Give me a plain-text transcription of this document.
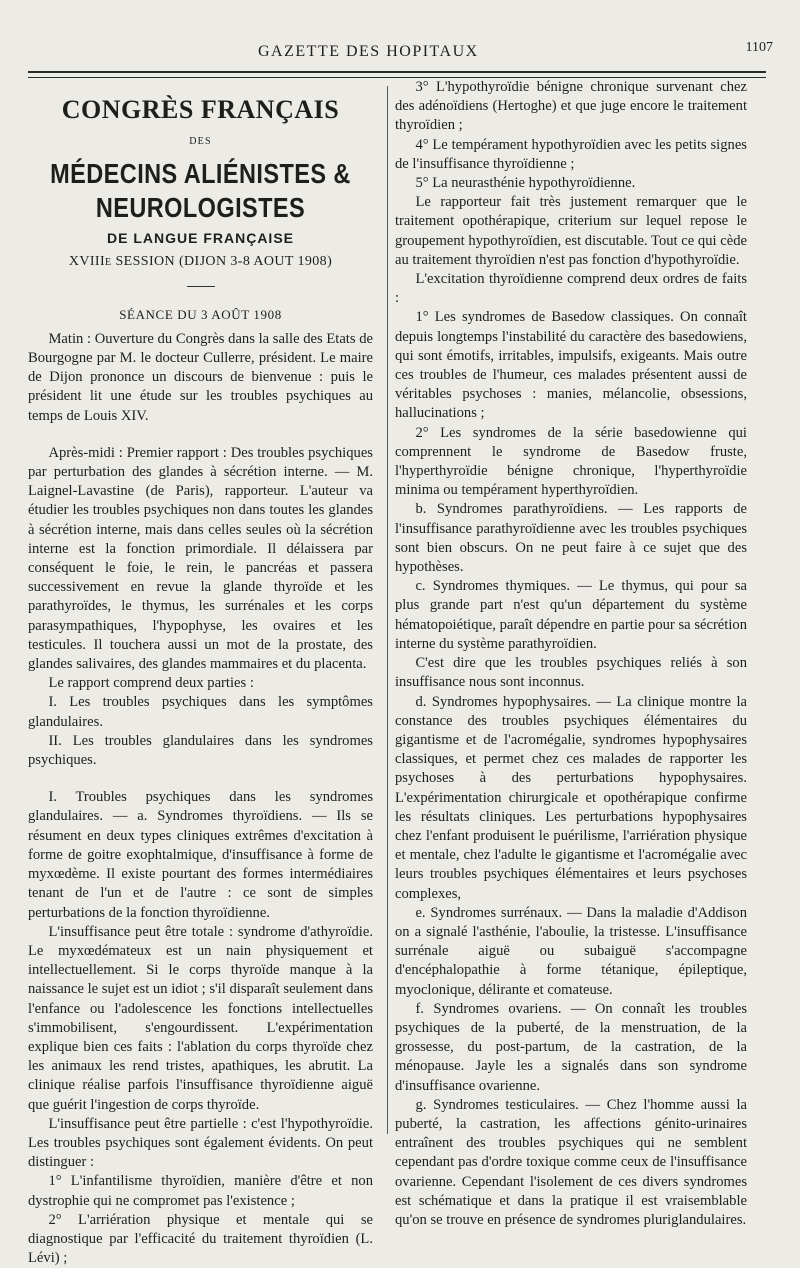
GAZETTE DES HOPITAUX	1107
CONGRÈS FRANÇAIS
DES
MÉDECINS ALIÉNISTES & NEUROLOGISTES
DE LANGUE FRANÇAISE
XVIIIe SESSION (DIJON 3-8 AOUT 1908)
SÉANCE DU 3 AOÛT 1908

Matin : Ouverture du Congrès dans la salle des Etats de Bourgogne par M. le docteur Cullerre, président. Le maire de Dijon prononce un discours de bienvenue : puis le président lit une étude sur les troubles psychiques au temps de Louis XIV.

Après-midi : Premier rapport : Des troubles psychiques par perturbation des glandes à sécrétion interne. — M. Laignel-Lavastine (de Paris), rapporteur. L'auteur va étudier les troubles psychiques non dans toutes les glandes à sécrétion interne, mais dans celles seules où la sécrétion interne est la fonction primordiale. Il délaissera par conséquent le foie, le rein, le pancréas et passera successivement en revue la glande thyroïde et les parathyroïdes, le thymus, les surrénales et les corps parasympathiques, l'hypophyse, les ovaires et les testicules. Il touchera aussi un mot de la prostate, des glandes salivaires, des glandes mammaires et du placenta.

Le rapport comprend deux parties :

I. Les troubles psychiques dans les symptômes glandulaires.

II. Les troubles glandulaires dans les syndromes psychiques.

I. Troubles psychiques dans les syndromes glandulaires. — a. Syndromes thyroïdiens. — Ils se résument en deux types cliniques extrêmes d'excitation à forme de goitre exophtalmique, d'insuffisance à forme de myxœdème. Il existe pourtant des formes intermédiaires tenant de l'un et de l'autre : ce sont de simples perturbations de la fonction thyroïdienne.

L'insuffisance peut être totale : syndrome d'athyroïdie. Le myxœdémateux est un nain physiquement et intellectuellement. Si le corps thyroïde manque à la naissance le sujet est un idiot ; s'il disparaît seulement dans l'enfance ou l'adolescence les fonctions intellectuelles s'immobilisent, s'engourdissent. L'expérimentation explique bien ces faits : l'ablation du corps thyroïde chez les animaux les rend tristes, apathiques, les abrutit. La clinique réalise parfois l'insuffisance thyroïdienne aiguë que guérit l'ingestion de corps thyroïde.

L'insuffisance peut être partielle : c'est l'hypothyroïdie. Les troubles psychiques sont également évidents. On peut distinguer :

1° L'infantilisme thyroïdien, manière d'être et non dystrophie qui ne compromet pas l'existence ;

2° L'arriération physique et mentale qui se diagnostique par l'efficacité du traitement thyroïdien (L. Lévi) ;

3° L'hypothyroïdie bénigne chronique survenant chez des adénoïdiens (Hertoghe) et que juge encore le traitement thyroïdien ;

4° Le tempérament hypothyroïdien avec les petits signes de l'insuffisance thyroïdienne ;

5° La neurasthénie hypothyroïdienne.

Le rapporteur fait très justement remarquer que le traitement opothérapique, criterium sur lequel repose le groupement hypothyroïdien, est discutable. Tout ce qui cède au traitement thyroïdien n'est pas fonction d'hypothyroïdie.

L'excitation thyroïdienne comprend deux ordres de faits :

1° Les syndromes de Basedow classiques. On connaît depuis longtemps l'instabilité du caractère des basedowiens, qui sont émotifs, irritables, impulsifs, exigeants. Mais outre ces troubles de l'humeur, ces malades présentent aussi de véritables psychoses : manies, mélancolie, obsessions, hallucinations ;

2° Les syndromes de la série basedowienne qui comprennent le syndrome de Basedow fruste, l'hyperthyroïdie bénigne chronique, l'hyperthyroïdie minima ou tempérament hyperthyroïdien.

b. Syndromes parathyroïdiens. — Les rapports de l'insuffisance parathyroïdienne avec les troubles psychiques sont bien obscurs. On ne peut faire à ce sujet que des hypothèses.

c. Syndromes thymiques. — Le thymus, qui pour sa plus grande part n'est qu'un département du système hématopoiétique, paraît dépendre en partie pour sa sécrétion interne du système parathyroïdien.

C'est dire que les troubles psychiques reliés à son insuffisance nous sont inconnus.

d. Syndromes hypophysaires. — La clinique montre la constance des troubles psychiques élémentaires du gigantisme et de l'acromégalie, syndromes hypophysaires classiques, et permet chez ces malades de rapporter les psychoses à des perturbations hypophysaires. L'expérimentation chirurgicale et opothérapique confirme les résultats cliniques. Les perturbations hypophysaires chez l'enfant produisent le puérilisme, l'arriération physique et mentale, chez l'adulte le gigantisme et l'acromégalie avec leurs troubles psychiques élémentaires et leurs psychoses complexes,

e. Syndromes surrénaux. — Dans la maladie d'Addison on a signalé l'asthénie, l'aboulie, la tristesse. L'insuffisance surrénale aiguë ou subaiguë s'accompagne d'encéphalopathie à forme tétanique, épileptique, myoclonique, délirante et comateuse.

f. Syndromes ovariens. — On connaît les troubles psychiques de la puberté, de la menstruation, de la grossesse, du post-partum, de la castration, de la ménopause. Jayle les a signalés dans son syndrome d'insuffisance ovarienne.

g. Syndromes testiculaires. — Chez l'homme aussi la puberté, la castration, les affections génito-urinaires entraînent des troubles psychiques qui ne semblent cependant pas d'ordre toxique comme ceux de l'insuffisance ovarienne. Cependant l'isolement de ces divers syndromes est schématique et dans la pratique il est vraisemblable qu'on se trouve en présence de syndromes pluriglandulaires.
